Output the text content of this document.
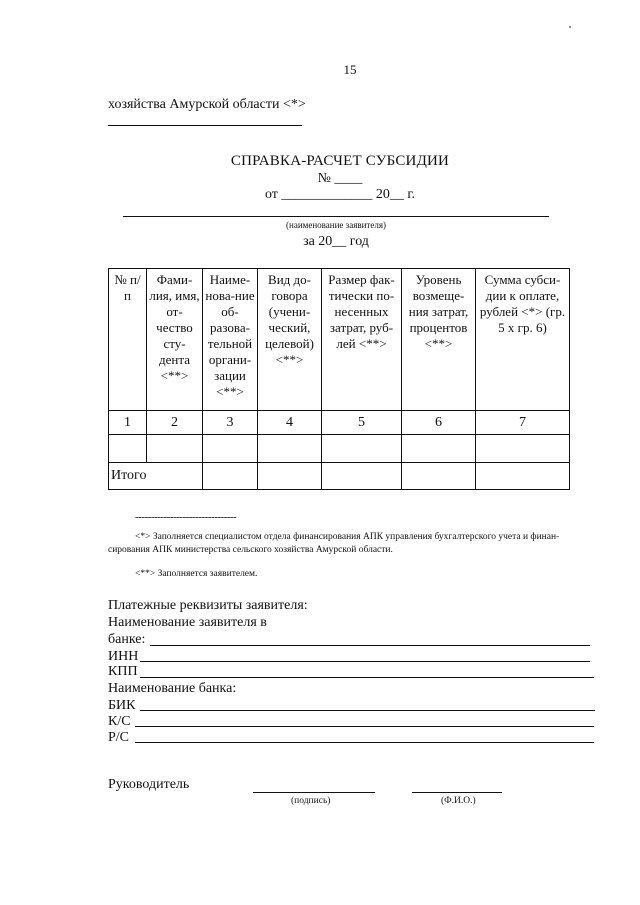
15
хозяйства Амурской области <*>
СПРАВКА-РАСЧЕТ СУБСИДИИ
№ ____
от _____________ 20__ г.
(наименование заявителя)
за 20__ год
№ п/п	Фами-лия, имя, от-чество сту-дента <**>	Наиме-нова-ние об-разова-тельной органи-зации <**>	Вид до-говора (учени-ческий, целевой) <**>	Размер фак-тически по-несенных затрат, руб-лей <**>	Уровень возмеще-ния затрат, процентов <**>	Сумма субси-дии к оплате, рублей <*> (гр. 5 х гр. 6)
1	2	3	4	5	6	7

Итого						
--------------------------------
<*> Заполняется специалистом отдела финансирования АПК управления бухгалтерского учета и финан-
сирования АПК министерства сельского хозяйства Амурской области.
<**> Заполняется заявителем.
Платежные реквизиты заявителя:
Наименование заявителя в
банке:
ИНН
КПП
Наименование банка:
БИК
К/С
Р/С
Руководитель
(подпись)	(Ф.И.О.)
